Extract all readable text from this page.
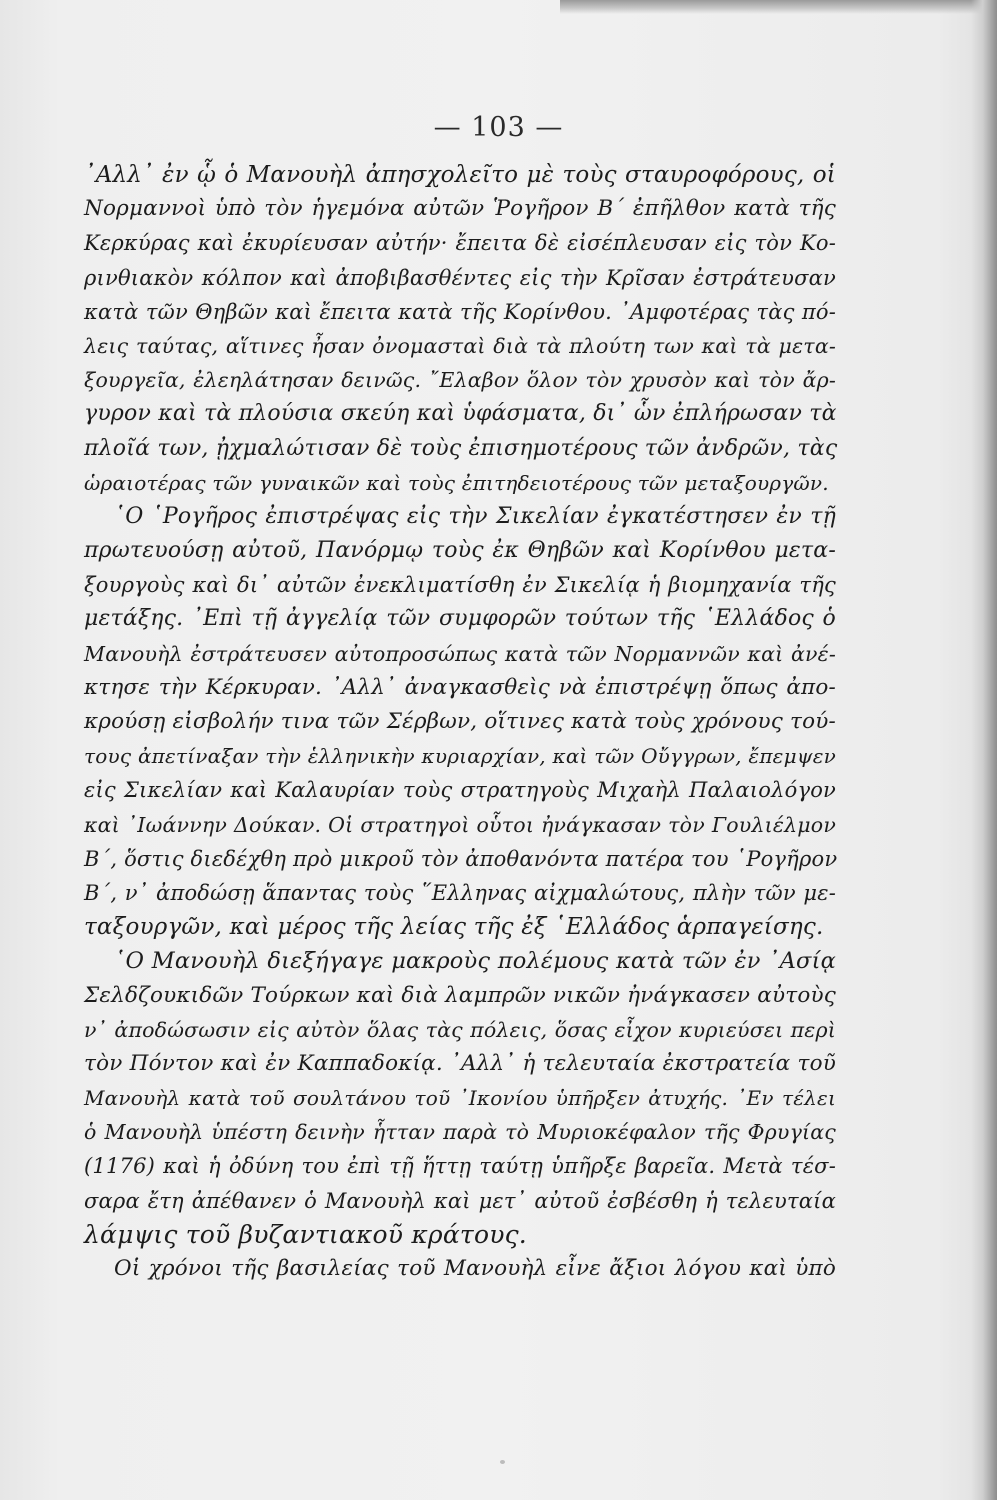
— 103 —
᾽Αλλ᾽ ἐν ᾧ ὁ Μανουὴλ ἀπησχολεῖτο μὲ τοὺς σταυροφόρους, οἱ
Νορμαννοὶ ὑπὸ τὸν ἡγεμόνα αὐτῶν Ῥογῆρον Β΄ ἐπῆλθον κατὰ τῆς
Κερκύρας καὶ ἐκυρίευσαν αὐτήν· ἔπειτα δὲ εἰσέπλευσαν εἰς τὸν Κο-
ρινθιακὸν κόλπον καὶ ἀποβιβασθέντες εἰς τὴν Κρῖσαν ἐστράτευσαν
κατὰ τῶν Θηβῶν καὶ ἔπειτα κατὰ τῆς Κορίνθου. ᾽Αμφοτέρας τὰς πό-
λεις ταύτας, αἵτινες ἦσαν ὀνομασταὶ διὰ τὰ πλούτη των καὶ τὰ μετα-
ξουργεῖα, ἐλεηλάτησαν δεινῶς. ῎Ελαβον ὅλον τὸν χρυσὸν καὶ τὸν ἄρ-
γυρον καὶ τὰ πλούσια σκεύη καὶ ὑφάσματα, δι᾽ ὧν ἐπλήρωσαν τὰ
πλοῖά των, ᾐχμαλώτισαν δὲ τοὺς ἐπισημοτέρους τῶν ἀνδρῶν, τὰς
ὡραιοτέρας τῶν γυναικῶν καὶ τοὺς ἐπιτηδειοτέρους τῶν μεταξουργῶν.
῾Ο ῾Ρογῆρος ἐπιστρέψας εἰς τὴν Σικελίαν ἐγκατέστησεν ἐν τῇ
πρωτευούσῃ αὐτοῦ, Πανόρμῳ τοὺς ἐκ Θηβῶν καὶ Κορίνθου μετα-
ξουργοὺς καὶ δι᾽ αὐτῶν ἐνεκλιματίσθη ἐν Σικελίᾳ ἡ βιομηχανία τῆς
μετάξης. ᾽Επὶ τῇ ἀγγελίᾳ τῶν συμφορῶν τούτων τῆς ῾Ελλάδος ὁ
Μανουὴλ ἐστράτευσεν αὐτοπροσώπως κατὰ τῶν Νορμαννῶν καὶ ἀνέ-
κτησε τὴν Κέρκυραν. ᾽Αλλ᾽ ἀναγκασθεὶς νὰ ἐπιστρέψῃ ὅπως ἀπο-
κρούσῃ εἰσβολήν τινα τῶν Σέρβων, οἵτινες κατὰ τοὺς χρόνους τού-
τους ἀπετίναξαν τὴν ἑλληνικὴν κυριαρχίαν, καὶ τῶν Οὔγγρων, ἔπεμψεν
εἰς Σικελίαν καὶ Καλαυρίαν τοὺς στρατηγοὺς Μιχαὴλ Παλαιολόγον
καὶ ᾽Ιωάννην Δούκαν. Οἱ στρατηγοὶ οὗτοι ἠνάγκασαν τὸν Γουλιέλμον
Β΄, ὅστις διεδέχθη πρὸ μικροῦ τὸν ἀποθανόντα πατέρα του ῾Ρογῆρον
Β΄, ν᾽ ἀποδώσῃ ἅπαντας τοὺς ῞Ελληνας αἰχμαλώτους, πλὴν τῶν με-
ταξουργῶν, καὶ μέρος τῆς λείας τῆς ἐξ ῾Ελλάδος ἁρπαγείσης.
῾Ο Μανουὴλ διεξήγαγε μακροὺς πολέμους κατὰ τῶν ἐν ᾽Ασίᾳ
Σελδζουκιδῶν Τούρκων καὶ διὰ λαμπρῶν νικῶν ἠνάγκασεν αὐτοὺς
ν᾽ ἀποδώσωσιν εἰς αὐτὸν ὅλας τὰς πόλεις, ὅσας εἶχον κυριεύσει περὶ
τὸν Πόντον καὶ ἐν Καππαδοκίᾳ. ᾽Αλλ᾽ ἡ τελευταία ἐκστρατεία τοῦ
Μανουὴλ κατὰ τοῦ σουλτάνου τοῦ ᾽Ικονίου ὑπῆρξεν ἀτυχής. ᾽Εν τέλει
ὁ Μανουὴλ ὑπέστη δεινὴν ἧτταν παρὰ τὸ Μυριοκέφαλον τῆς Φρυγίας
(1176) καὶ ἡ ὀδύνη του ἐπὶ τῇ ἥττῃ ταύτῃ ὑπῆρξε βαρεῖα. Μετὰ τέσ-
σαρα ἔτη ἀπέθανεν ὁ Μανουὴλ καὶ μετ᾽ αὐτοῦ ἐσβέσθη ἡ τελευταία
λάμψις τοῦ βυζαντιακοῦ κράτους.
Οἱ χρόνοι τῆς βασιλείας τοῦ Μανουὴλ εἶνε ἄξιοι λόγου καὶ ὑπὸ
